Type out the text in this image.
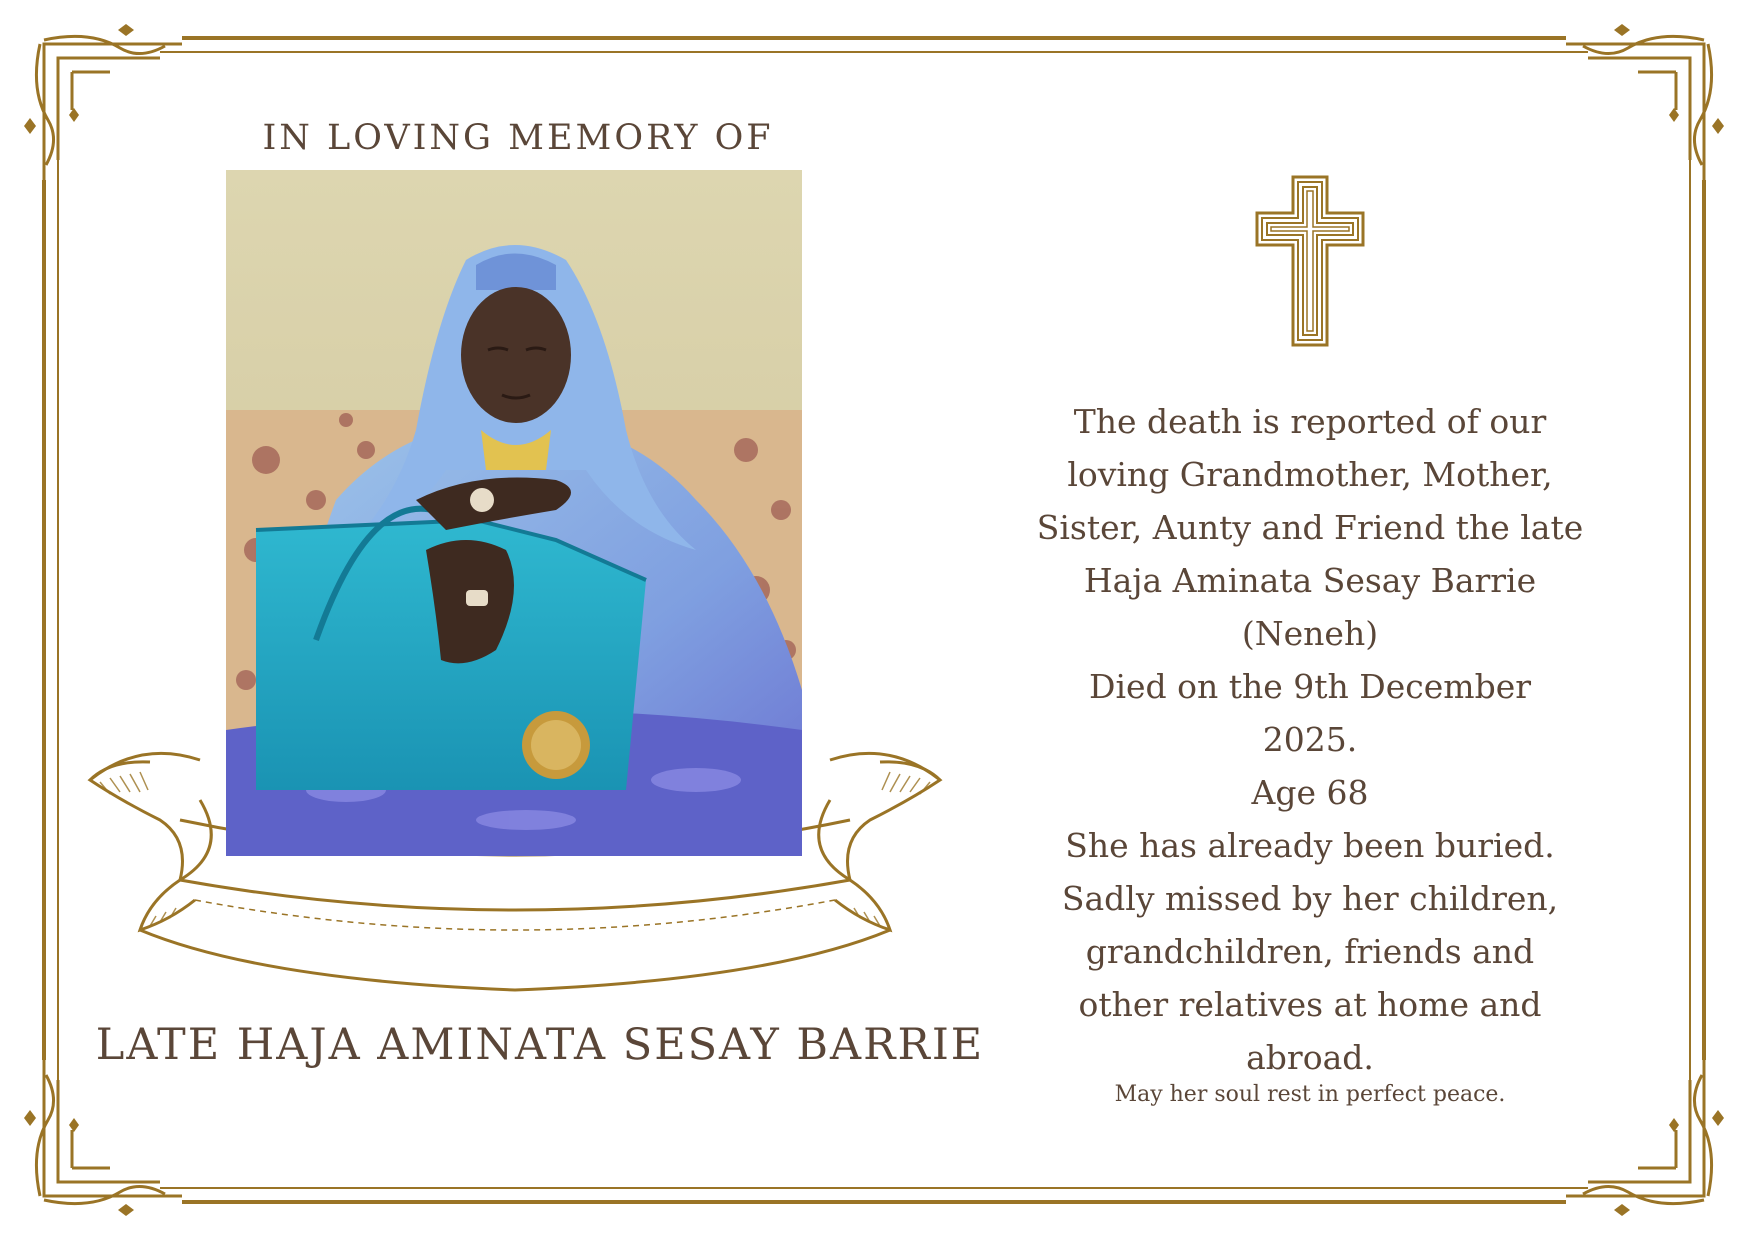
IN LOVING MEMORY OF
LATE HAJA AMINATA SESAY BARRIE
The death is reported of our
loving Grandmother, Mother,
Sister, Aunty and Friend the late
Haja Aminata Sesay Barrie
(Neneh)
Died on the 9th December
2025.
Age 68
She has already been buried.
Sadly missed by her children,
grandchildren, friends and
other relatives at home and
abroad.
May her soul rest in perfect peace.
